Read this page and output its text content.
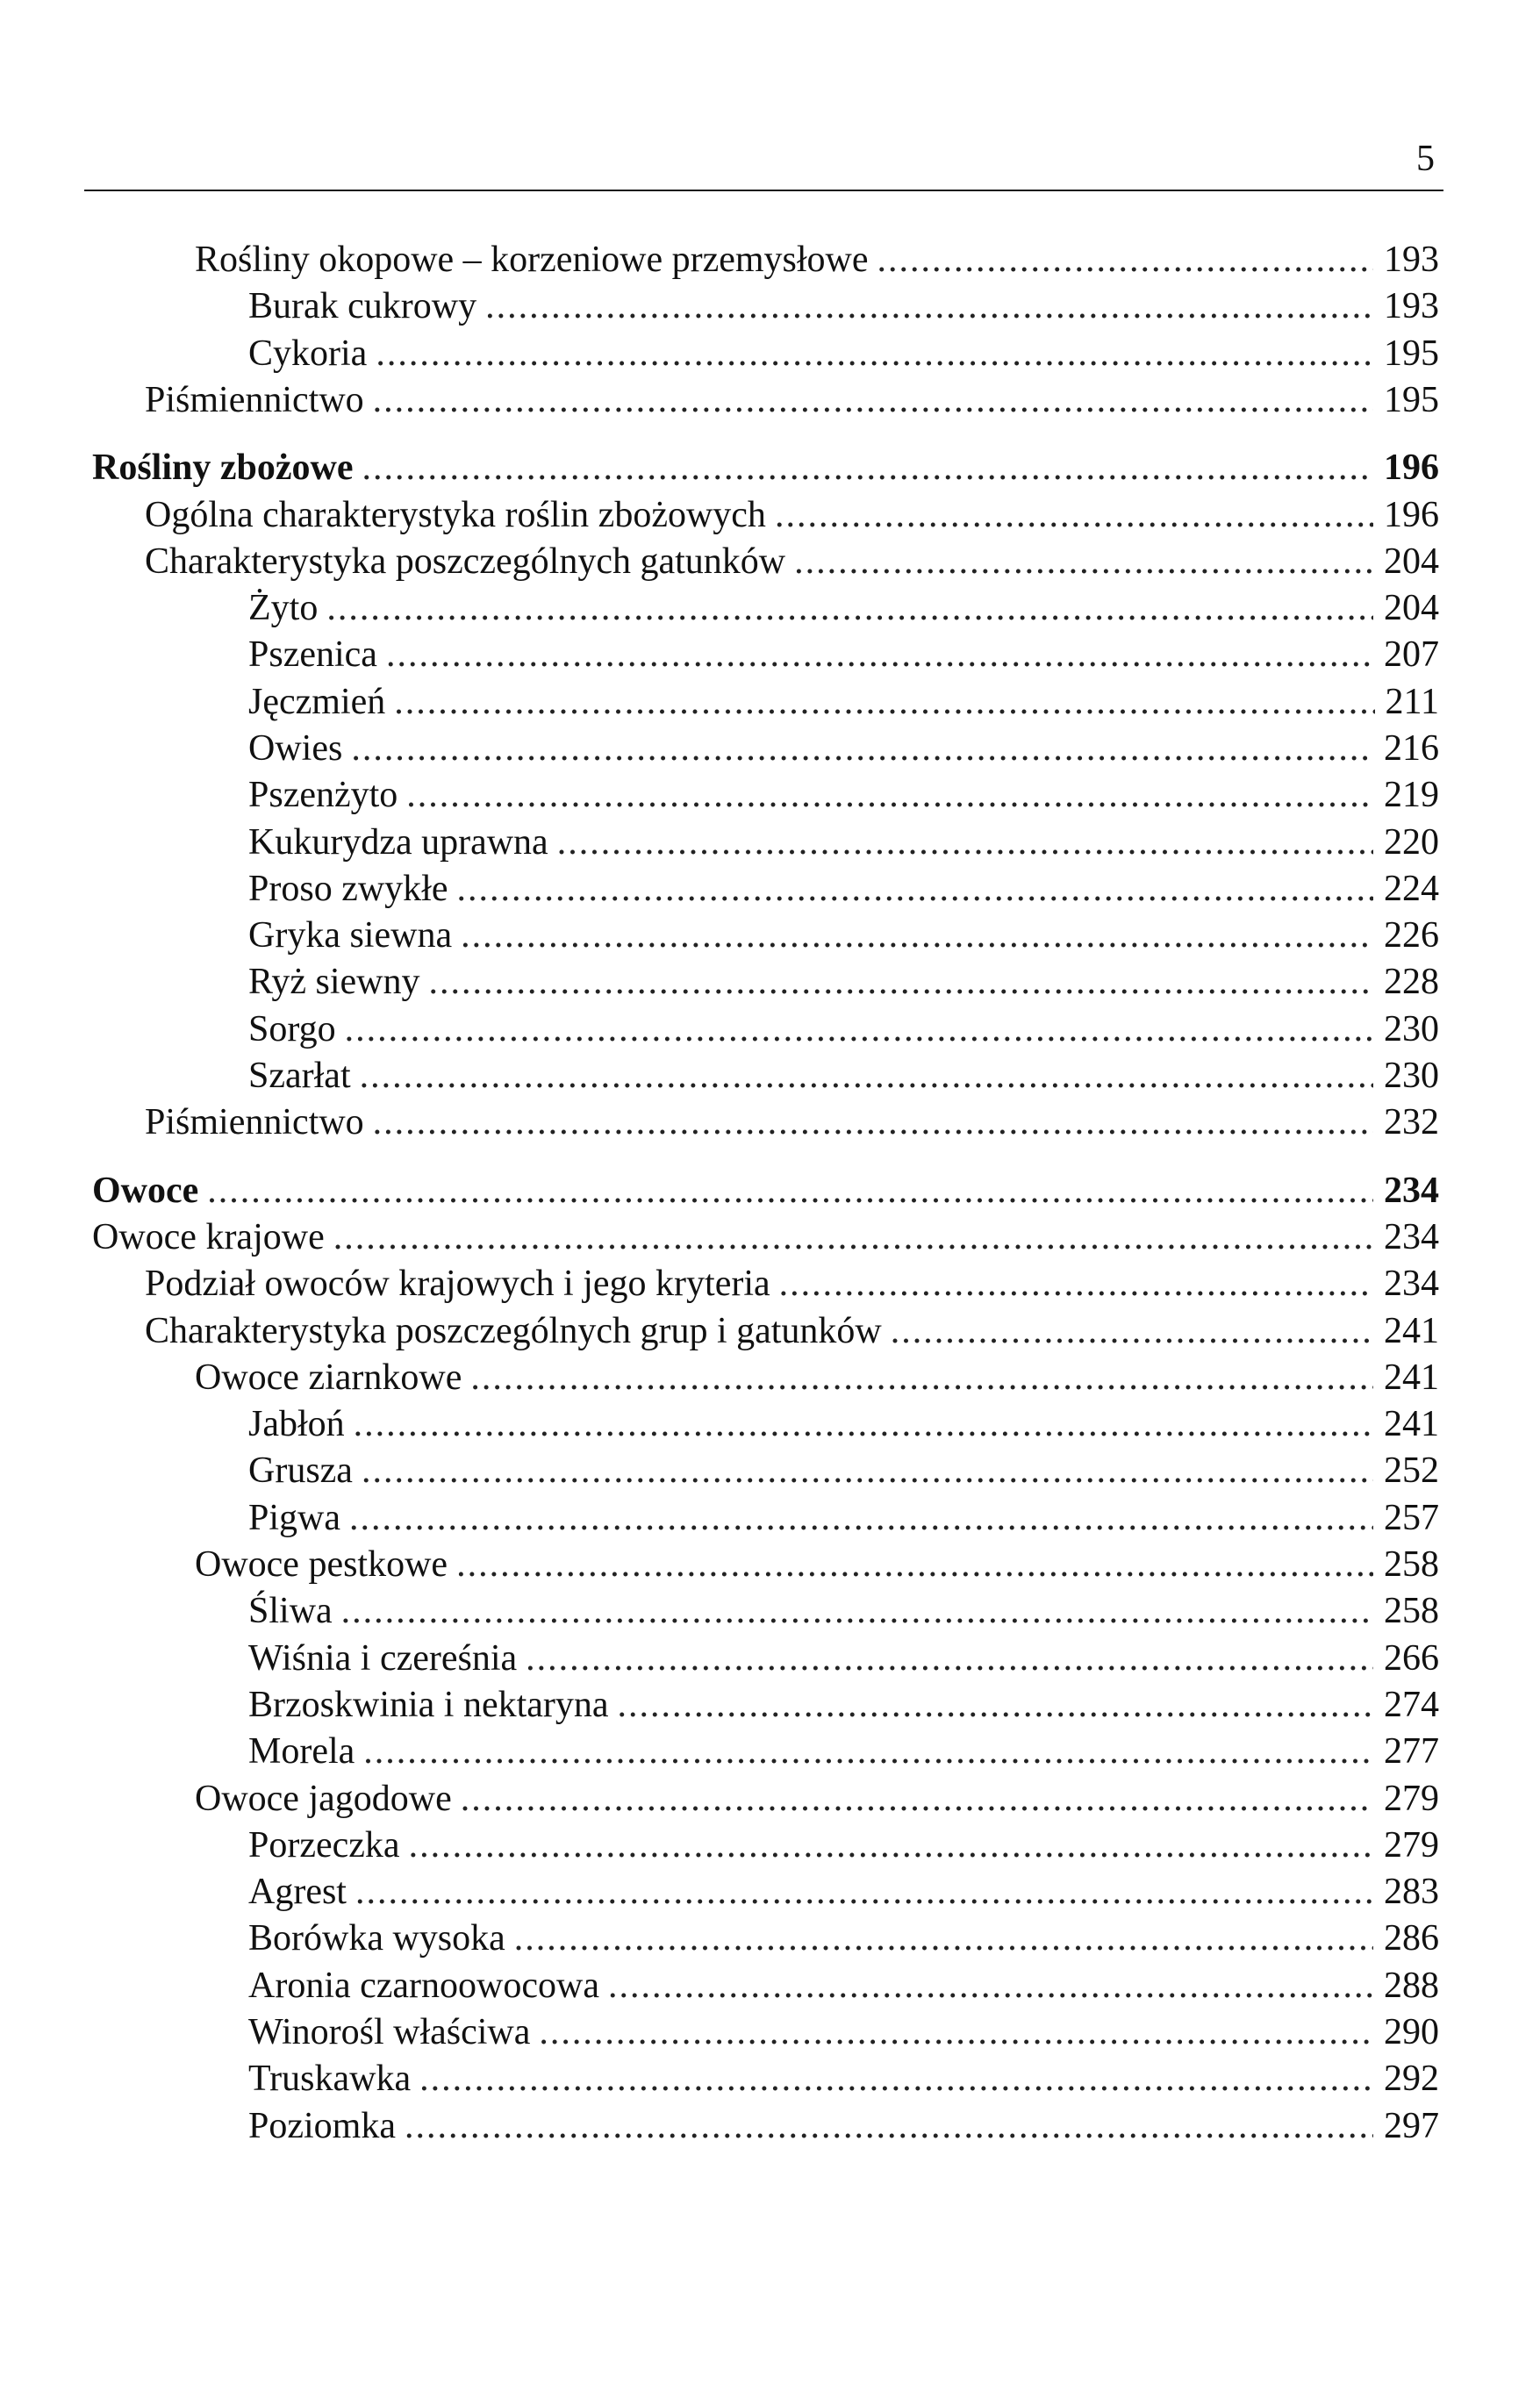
5
Rośliny okopowe – korzeniowe przemysłowe .....	193
Burak cukrowy .....	193
Cykoria .....	195
Piśmiennictwo .....	195
Rośliny zbożowe .....	196
Ogólna charakterystyka roślin zbożowych .....	196
Charakterystyka poszczególnych gatunków .....	204
Żyto .....	204
Pszenica .....	207
Jęczmień .....	211
Owies .....	216
Pszenżyto .....	219
Kukurydza uprawna .....	220
Proso zwykłe .....	224
Gryka siewna .....	226
Ryż siewny .....	228
Sorgo .....	230
Szarłat .....	230
Piśmiennictwo .....	232
Owoce .....	234
Owoce krajowe .....	234
Podział owoców krajowych i jego kryteria .....	234
Charakterystyka poszczególnych grup i gatunków .....	241
Owoce ziarnkowe .....	241
Jabłoń .....	241
Grusza .....	252
Pigwa .....	257
Owoce pestkowe .....	258
Śliwa .....	258
Wiśnia i czereśnia .....	266
Brzoskwinia i nektaryna .....	274
Morela .....	277
Owoce jagodowe .....	279
Porzeczka .....	279
Agrest .....	283
Borówka wysoka .....	286
Aronia czarnoowocowa .....	288
Winorośl właściwa .....	290
Truskawka .....	292
Poziomka .....	297
